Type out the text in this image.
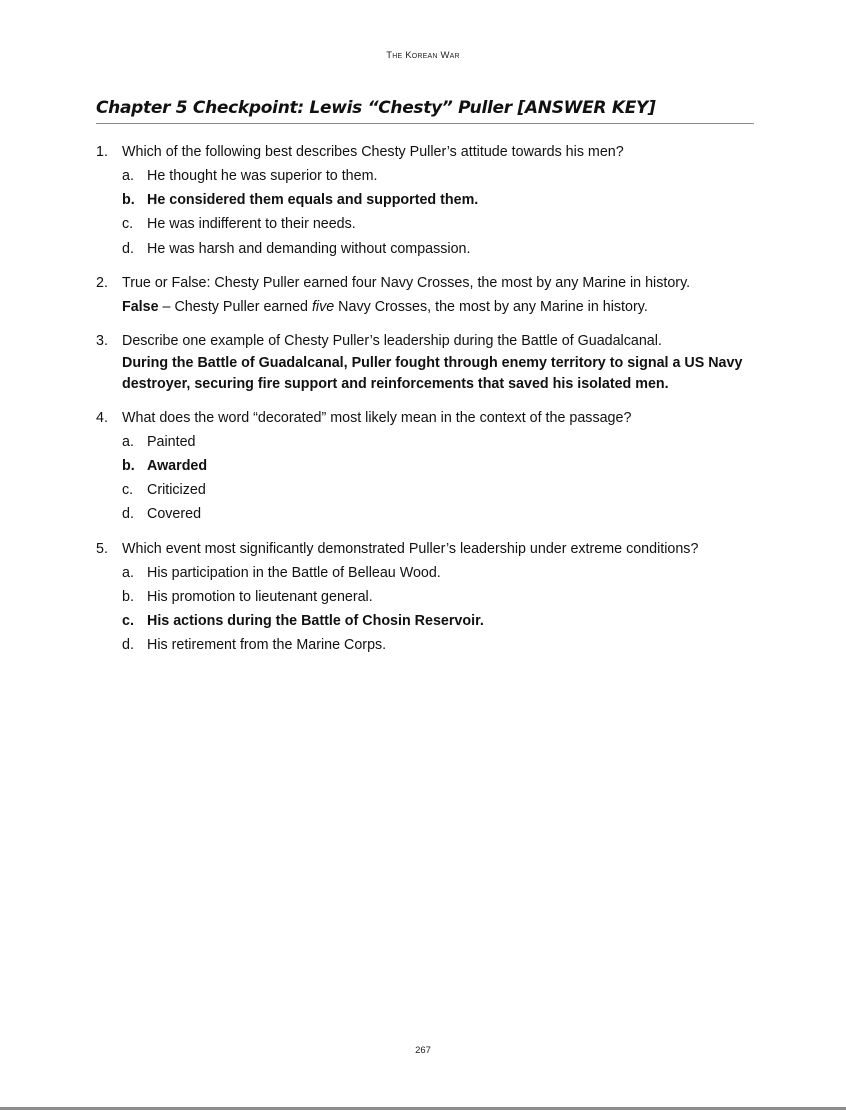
The Korean War
Chapter 5 Checkpoint: Lewis “Chesty” Puller [ANSWER KEY]
1. Which of the following best describes Chesty Puller’s attitude towards his men?
a. He thought he was superior to them.
b. He considered them equals and supported them.
c. He was indifferent to their needs.
d. He was harsh and demanding without compassion.
2. True or False: Chesty Puller earned four Navy Crosses, the most by any Marine in history.
False – Chesty Puller earned five Navy Crosses, the most by any Marine in history.
3. Describe one example of Chesty Puller’s leadership during the Battle of Guadalcanal.
During the Battle of Guadalcanal, Puller fought through enemy territory to signal a US Navy destroyer, securing fire support and reinforcements that saved his isolated men.
4. What does the word “decorated” most likely mean in the context of the passage?
a. Painted
b. Awarded
c. Criticized
d. Covered
5. Which event most significantly demonstrated Puller’s leadership under extreme conditions?
a. His participation in the Battle of Belleau Wood.
b. His promotion to lieutenant general.
c. His actions during the Battle of Chosin Reservoir.
d. His retirement from the Marine Corps.
267
